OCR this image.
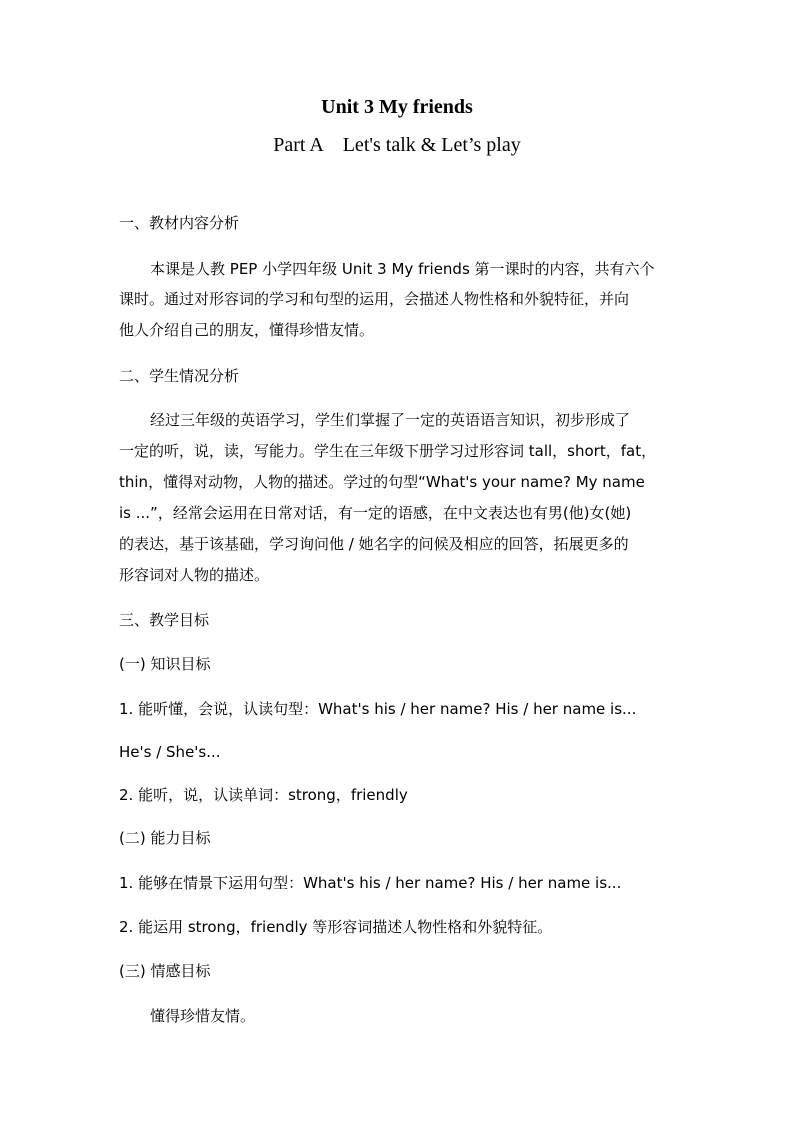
Unit 3 My friends
Part A    Let's talk & Let’s play
一、教材内容分析
本课是人教 PEP 小学四年级 Unit 3 My friends 第一课时的内容，共有六个
课时。通过对形容词的学习和句型的运用，会描述人物性格和外貌特征，并向
他人介绍自己的朋友，懂得珍惜友情。
二、学生情况分析
经过三年级的英语学习，学生们掌握了一定的英语语言知识，初步形成了
一定的听，说，读，写能力。学生在三年级下册学习过形容词 tall，short，fat，
thin，懂得对动物，人物的描述。学过的句型“What's your name? My name
is ...”，经常会运用在日常对话，有一定的语感，在中文表达也有男(他)女(她)
的表达，基于该基础，学习询问他 / 她名字的问候及相应的回答，拓展更多的
形容词对人物的描述。
三、教学目标
(一) 知识目标
1. 能听懂，会说，认读句型：What's his / her name? His / her name is...
He's / She's...
2. 能听，说，认读单词：strong，friendly
(二) 能力目标
1. 能够在情景下运用句型：What's his / her name? His / her name is...
2. 能运用 strong，friendly 等形容词描述人物性格和外貌特征。
(三) 情感目标
懂得珍惜友情。
